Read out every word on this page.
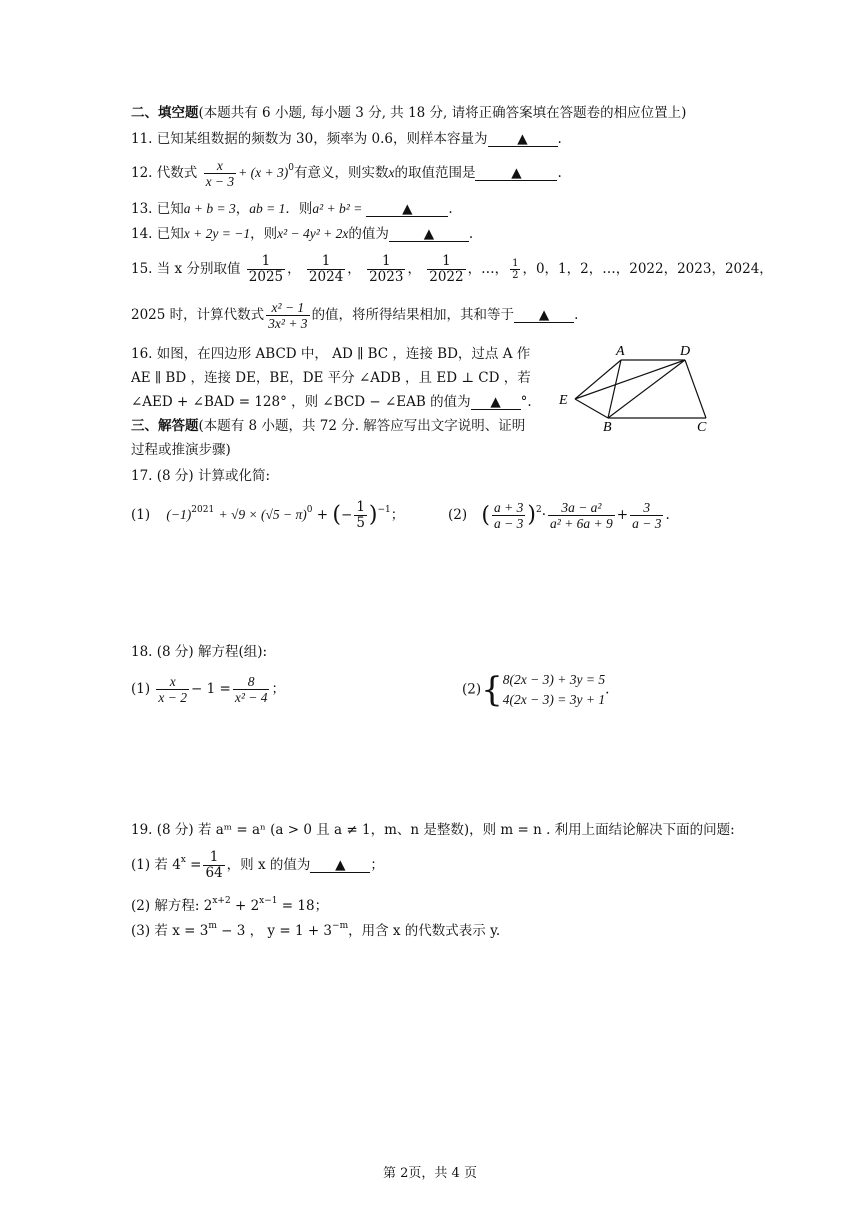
二、填空题(本题共有 6 小题, 每小题 3 分, 共 18 分, 请将正确答案填在答题卷的相应位置上)
11. 已知某组数据的频数为 30，频率为 0.6，则样本容量为 ▲ .
12. 代数式 $\frac{x}{x - 3} + (x + 3)^0$有意义，则实数x的取值范围是	▲	.
13. 已知a + b = 3，ab = 1．则a² + b² =	▲	.
14. 已知x + 2y = −1，则x² − 4y² + 2x的值为	▲	.
15. 当 x 分别取值 $\frac{1}{2025}$ ， $\frac{1}{2024}$ ， $\frac{1}{2023}$ ， $\frac{1}{2022}$ ，…， $\frac{1}{2}$ ，0，1，2，…，2022，2023，2024，
2025 时，计算代数式 $\frac{\text{x² − 1}}{\text{3x² + 3}}$ 的值，将所得结果相加，其和等于 ▲ .
16. 如图，在四边形 ABCD 中， AD ∥ BC ，连接 BD，过点 A 作
AE ∥ BD ，连接 DE，BE，DE 平分 ∠ADB ，且 ED ⊥ CD ，若
∠AED + ∠BAD = 128° ，则 ∠BCD − ∠EAB 的值为 ▲ °.
A	D
E
B	C
三、解答题(本题有 8 小题，共 72 分. 解答应写出文字说明、证明
过程或推演步骤)
17. (8 分) 计算或化简:
(1) $(-1)^{2021} + √9 \times (√5 - \pi)^0$ + (− $\frac{1}{5} )^{-1}$；	(2) ( $\frac{a + 3}{a - 3} )^2\cdot \frac{\text{3a − a²}}{\text{a² + 6a + 9}} + \frac{3}{a - 3}$ .
18. (8 分) 解方程(组):
$(1) \frac{x}{x - 2} - 1 = \frac{8}{\text{x² − 4}}$ ；	(2){ 8(2x − 3) + 3y = 5
4(2x − 3) = 3y + 1
.
19. (8 分) 若 aᵐ = aⁿ (a > 0 且 a ≠ 1，m、n 是整数)，则 m = n . 利用上面结论解决下面的问题:
(1) 若 $4^x = \frac{1}{64}$ ，则 x 的值为 ▲ ；
(2) 解方程: $2^{x+2} + 2^{x-1} = 18$；
(3) 若 $x = 3^m - 3$ ， $y = 1 + 3^{-m}$，用含 x 的代数式表示 y.
第 2页，共 4 页
